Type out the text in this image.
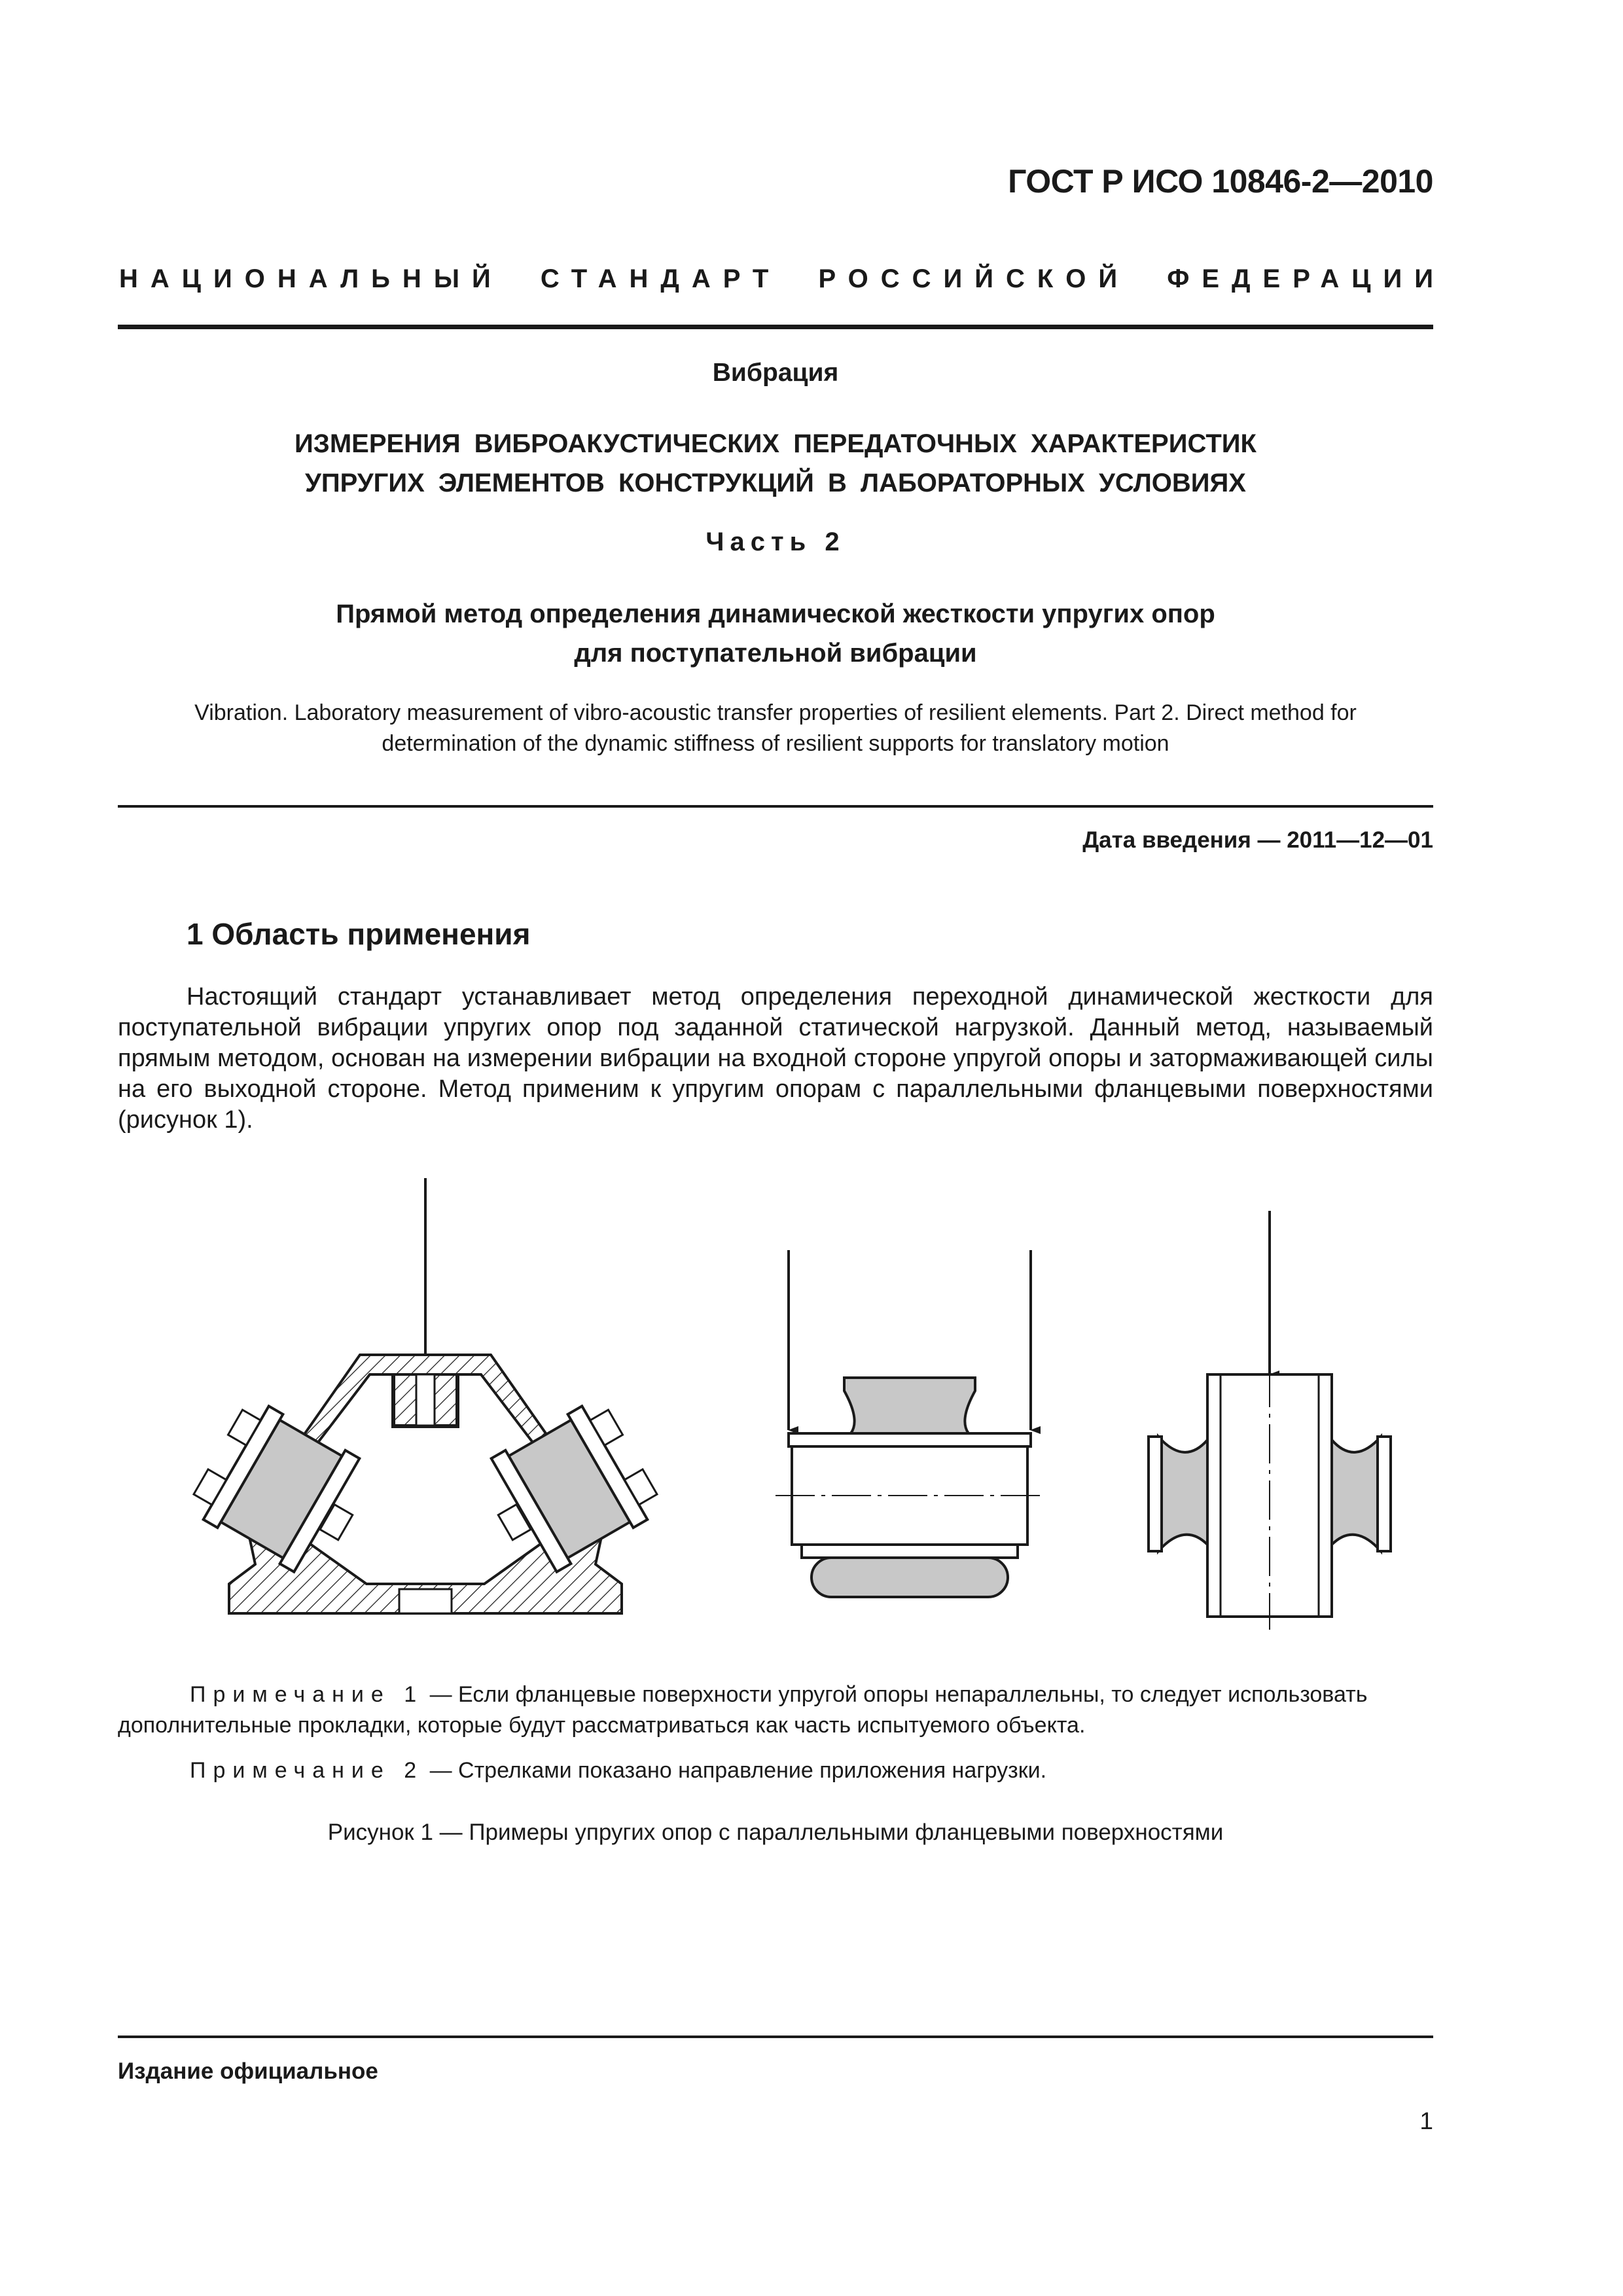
ГОСТ Р ИСО 10846-2—2010
НАЦИОНАЛЬНЫЙ СТАНДАРТ РОССИЙСКОЙ ФЕДЕРАЦИИ
Вибрация
ИЗМЕРЕНИЯ ВИБРОАКУСТИЧЕСКИХ ПЕРЕДАТОЧНЫХ ХАРАКТЕРИСТИК
УПРУГИХ ЭЛЕМЕНТОВ КОНСТРУКЦИЙ В ЛАБОРАТОРНЫХ УСЛОВИЯХ
Часть 2
Прямой метод определения динамической жесткости упругих опор
для поступательной вибрации
Vibration. Laboratory measurement of vibro-acoustic transfer properties of resilient elements. Part 2. Direct method for
determination of the dynamic stiffness of resilient supports for translatory motion
Дата введения — 2011—12—01
1 Область применения
Настоящий стандарт устанавливает метод определения переходной динамической жесткости для поступательной вибрации упругих опор под заданной статической нагрузкой. Данный метод, называемый прямым методом, основан на измерении вибрации на входной стороне упругой опоры и затормаживающей силы на его выходной стороне. Метод применим к упругим опорам с параллельными фланцевыми поверхностями (рисунок 1).
Примечание 1 — Если фланцевые поверхности упругой опоры непараллельны, то следует использовать дополнительные прокладки, которые будут рассматриваться как часть испытуемого объекта.
Примечание 2 — Стрелками показано направление приложения нагрузки.
Рисунок 1 — Примеры упругих опор с параллельными фланцевыми поверхностями
Издание официальное
1
